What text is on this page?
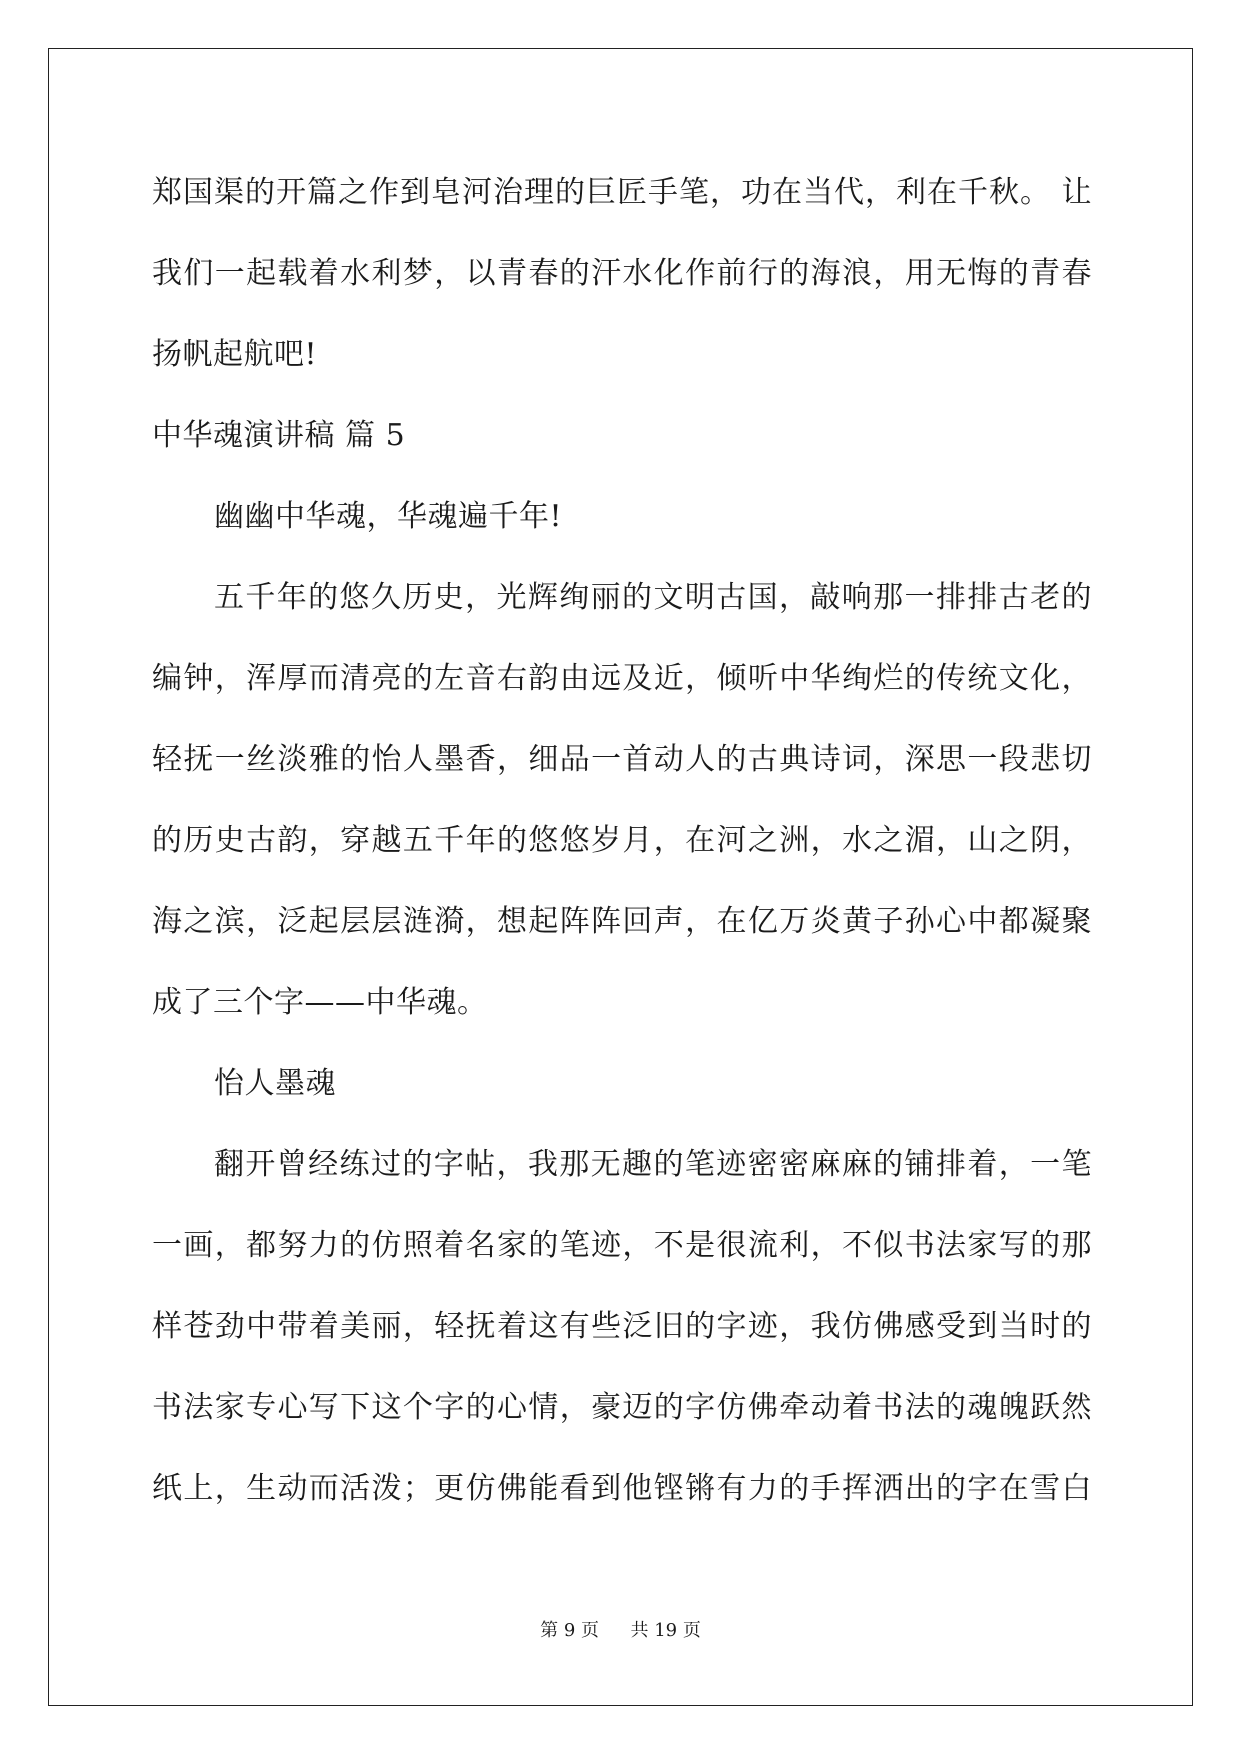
郑国渠的开篇之作到皂河治理的巨匠手笔，功在当代，利在千秋。 让
我们一起载着水利梦，以青春的汗水化作前行的海浪，用无悔的青春
扬帆起航吧!
中华魂演讲稿 篇 5
幽幽中华魂，华魂遍千年!
五千年的悠久历史，光辉绚丽的文明古国，敲响那一排排古老的
编钟，浑厚而清亮的左音右韵由远及近，倾听中华绚烂的传统文化，
轻抚一丝淡雅的怡人墨香，细品一首动人的古典诗词，深思一段悲切
的历史古韵，穿越五千年的悠悠岁月，在河之洲，水之湄，山之阴，
海之滨，泛起层层涟漪，想起阵阵回声，在亿万炎黄子孙心中都凝聚
成了三个字——中华魂。
怡人墨魂
翻开曾经练过的字帖，我那无趣的笔迹密密麻麻的铺排着，一笔
一画，都努力的仿照着名家的笔迹，不是很流利，不似书法家写的那
样苍劲中带着美丽，轻抚着这有些泛旧的字迹，我仿佛感受到当时的
书法家专心写下这个字的心情，豪迈的字仿佛牵动着书法的魂魄跃然
纸上，生动而活泼；更仿佛能看到他铿锵有力的手挥洒出的字在雪白
第 9 页 共 19 页
